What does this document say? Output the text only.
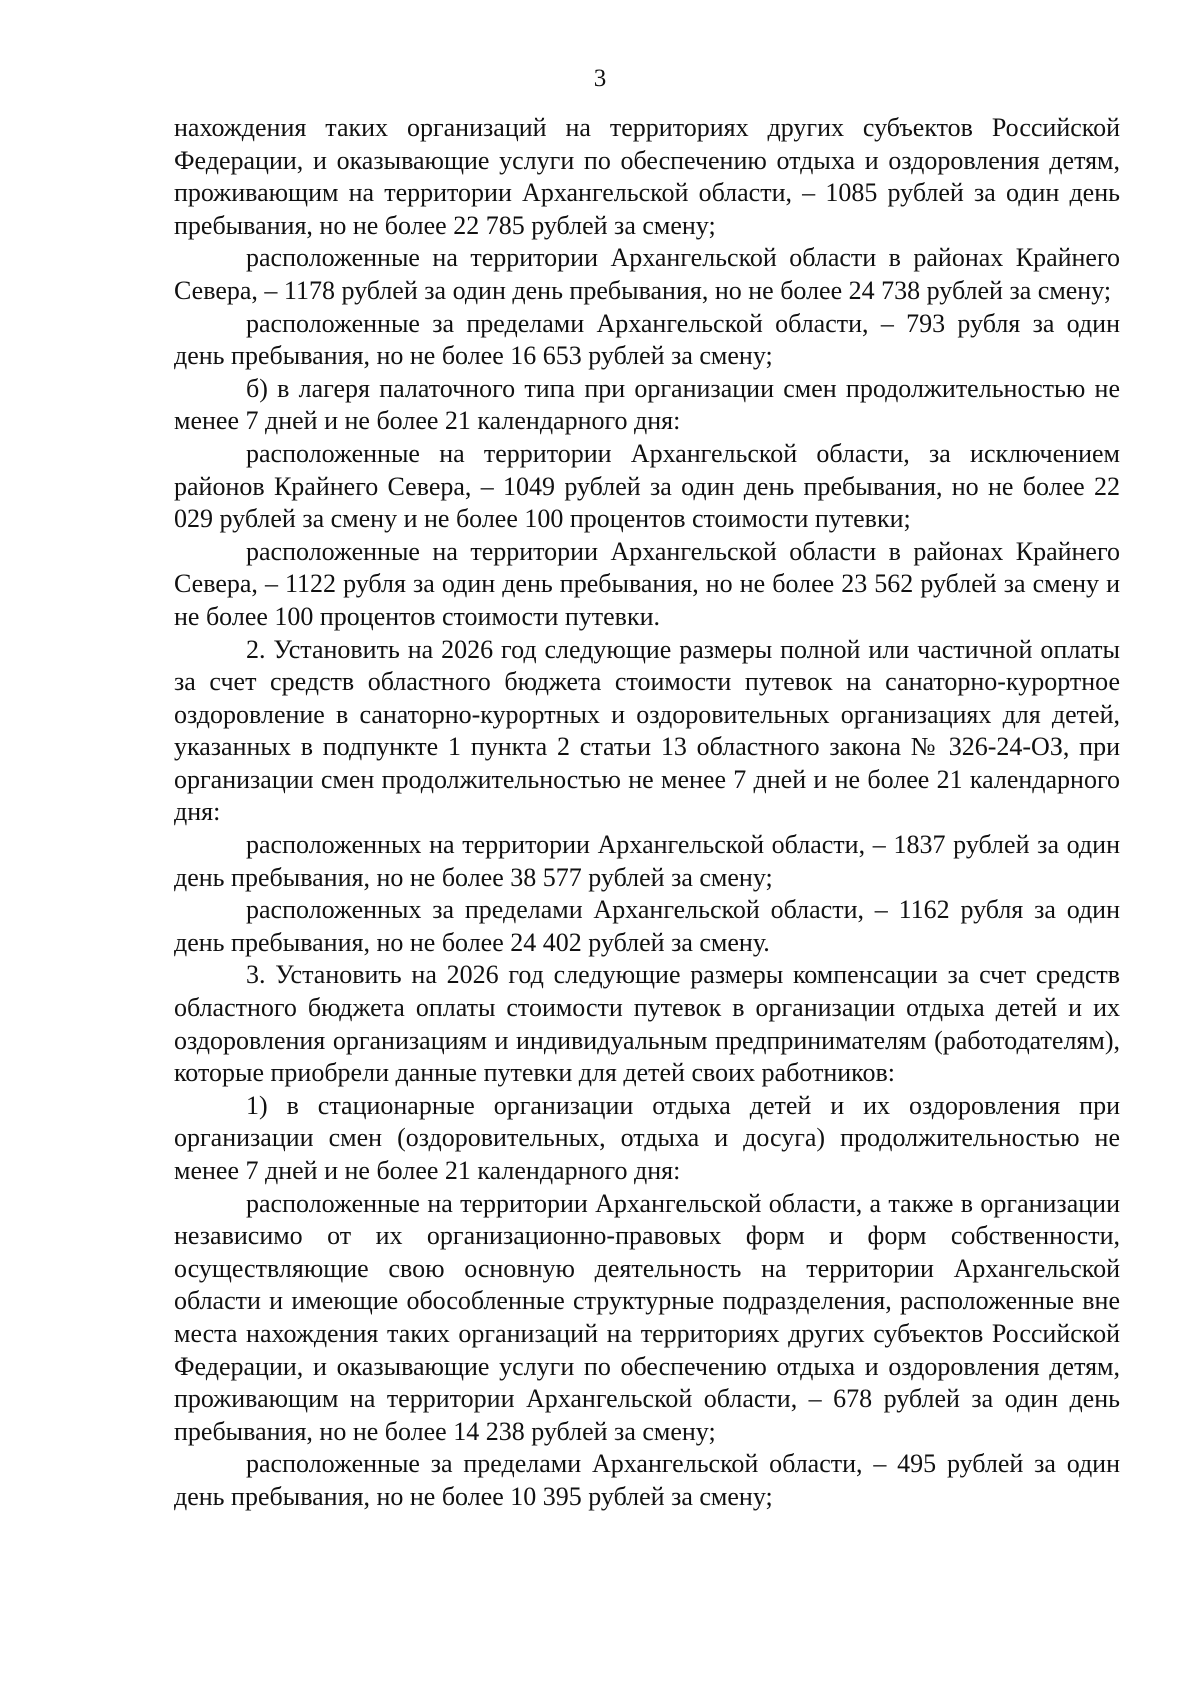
3

нахождения таких организаций на территориях других субъектов Российской Федерации, и оказывающие услуги по обеспечению отдыха и оздоровления детям, проживающим на территории Архангельской области, – 1085 рублей за один день пребывания, но не более 22 785 рублей за смену;

расположенные на территории Архангельской области в районах Крайнего Севера, – 1178 рублей за один день пребывания, но не более 24 738 рублей за смену;

расположенные за пределами Архангельской области, – 793 рубля за один день пребывания, но не более 16 653 рублей за смену;

б) в лагеря палаточного типа при организации смен продолжительностью не менее 7 дней и не более 21 календарного дня:

расположенные на территории Архангельской области, за исключением районов Крайнего Севера, – 1049 рублей за один день пребывания, но не более 22 029 рублей за смену и не более 100 процентов стоимости путевки;

расположенные на территории Архангельской области в районах Крайнего Севера, – 1122 рубля за один день пребывания, но не более 23 562 рублей за смену и не более 100 процентов стоимости путевки.

2. Установить на 2026 год следующие размеры полной или частичной оплаты за счет средств областного бюджета стоимости путевок на санаторно-курортное оздоровление в санаторно-курортных и оздоровительных организациях для детей, указанных в подпункте 1 пункта 2 статьи 13 областного закона № 326-24-ОЗ, при организации смен продолжительностью не менее 7 дней и не более 21 календарного дня:

расположенных на территории Архангельской области, – 1837 рублей за один день пребывания, но не более 38 577 рублей за смену;

расположенных за пределами Архангельской области, – 1162 рубля за один день пребывания, но не более 24 402 рублей за смену.

3. Установить на 2026 год следующие размеры компенсации за счет средств областного бюджета оплаты стоимости путевок в организации отдыха детей и их оздоровления организациям и индивидуальным предпринимателям (работодателям), которые приобрели данные путевки для детей своих работников:

1) в стационарные организации отдыха детей и их оздоровления при организации смен (оздоровительных, отдыха и досуга) продолжительностью не менее 7 дней и не более 21 календарного дня:

расположенные на территории Архангельской области, а также в организации независимо от их организационно-правовых форм и форм собственности, осуществляющие свою основную деятельность на территории Архангельской области и имеющие обособленные структурные подразделения, расположенные вне места нахождения таких организаций на территориях других субъектов Российской Федерации, и оказывающие услуги по обеспечению отдыха и оздоровления детям, проживающим на территории Архангельской области, – 678 рублей за один день пребывания, но не более 14 238 рублей за смену;

расположенные за пределами Архангельской области, – 495 рублей за один день пребывания, но не более 10 395 рублей за смену;
